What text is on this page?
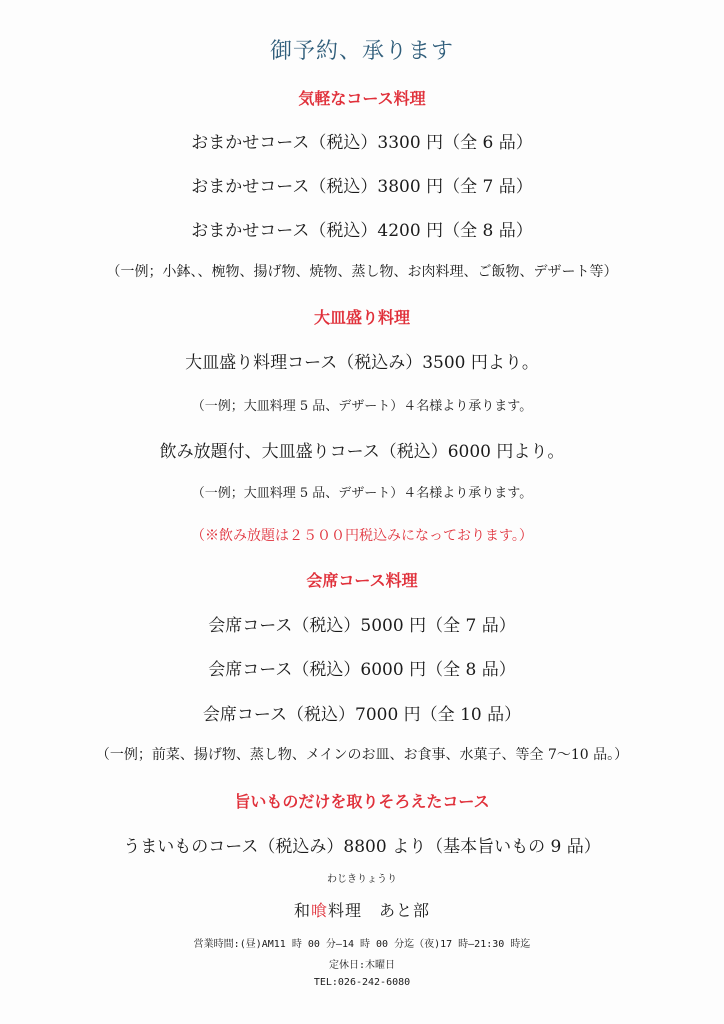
御予約、承ります
気軽なコース料理
おまかせコース（税込）3300 円（全 6 品）
おまかせコース（税込）3800 円（全 7 品）
おまかせコース（税込）4200 円（全 8 品）
（一例；小鉢、、椀物、揚げ物、焼物、蒸し物、お肉料理、ご飯物、デザート等）
大皿盛り料理
大皿盛り料理コース（税込み）3500 円より。
（一例；大皿料理 5 品、デザート）４名様より承ります。
飲み放題付、大皿盛りコース（税込）6000 円より。
（一例；大皿料理 5 品、デザート）４名様より承ります。
（※飲み放題は２５００円税込みになっております。）
会席コース料理
会席コース（税込）5000 円（全 7 品）
会席コース（税込）6000 円（全 8 品）
会席コース（税込）7000 円（全 10 品）
（一例；前菜、揚げ物、蒸し物、メインのお皿、お食事、水菓子、等全 7～10 品。）
旨いものだけを取りそろえたコース
うまいものコース（税込み）8800 より（基本旨いもの 9 品）
わじきりょうり
和喰料理　あと部
営業時間:(昼)AM11 時 00 分—14 時 00 分迄（夜)17 時—21:30 時迄
定休日:木曜日
TEL:026-242-6080
